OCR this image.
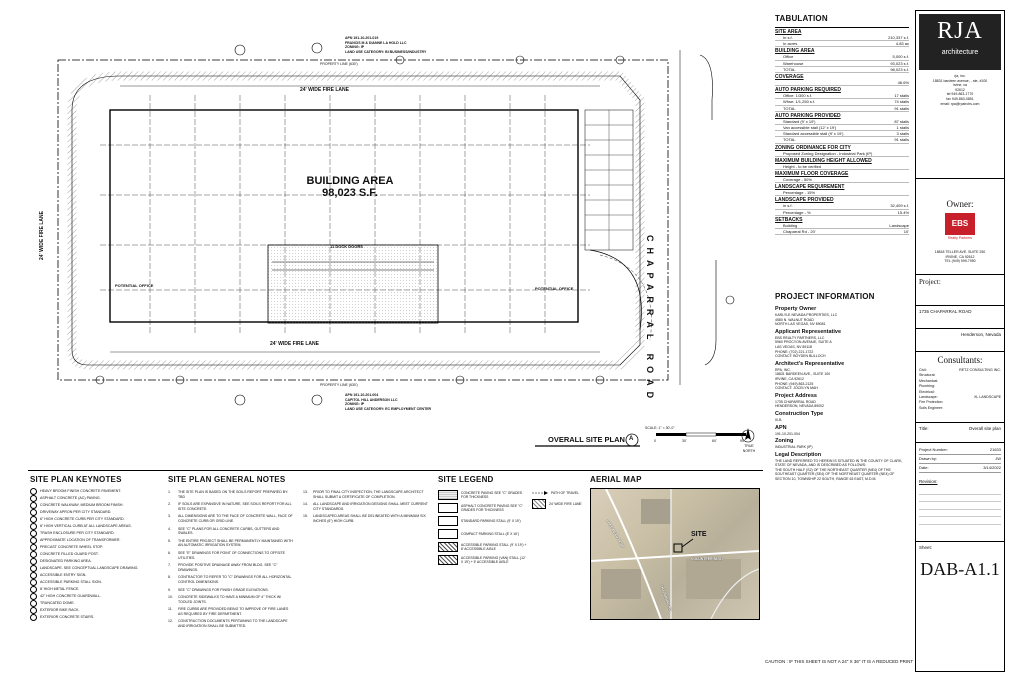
BUILDING AREA
98,023 S.F.
11 DOCK DOORS
24' WIDE FIRE LANE
24' WIDE FIRE LANE
24' WIDE FIRE LANE
POTENTIAL OFFICE
POTENTIAL OFFICE
PROPERTY LINE (630')
PROPERTY LINE (630')	CHAPARRAL ROAD
APN 191-10-201-019
FRANCIS M & DIANNE LA HOLD LLC
ZONING: IP
LAND USE CATEGORY: BI BUSINESS/INDUSTRY
APN 191-10-201-004
CAPITOL HILL ANDERSON LLC
ZONING: IP
LAND USE CATEGORY: EC EMPLOYMENT CENTER
OVERALL SITE PLAN
SCALE: 1" = 30'-0"
A
TRUE NORTH
0	30'	60'	90'
SITE PLAN KEYNOTES
HEAVY BROOM FINISH CONCRETE PAVEMENT.
ASPHALT CONCRETE (AC) PAVING.
CONCRETE WALKWAY, MEDIUM BROOM FINISH.
DRIVEWAY APRON PER CITY STANDARD.
6" HIGH CONCRETE CURB PER CITY STANDARD.
6" HIGH VERTICAL CURB AT ALL LANDSCAPE AREAS.
TRASH ENCLOSURE PER CITY STANDARD.
APPROXIMATE LOCATION OF TRANSFORMER.
PRECAST CONCRETE WHEEL STOP.
CONCRETE FILLED GUARD POST.
DESIGNATED PARKING AREA.
LANDSCAPE. SEE CONCEPTUAL LANDSCAPE DRAWING.
ACCESSIBLE ENTRY SIGN.
ACCESSIBLE PARKING STALL SIGN.
8' HIGH METAL FENCE.
42" HIGH CONCRETE GUARDWALL.
TRUNCATED DOME.
EXTERIOR BIKE RACK.
EXTERIOR CONCRETE STAIRS.
SITE PLAN GENERAL NOTES
1.	THE SITE PLAN IS BASED ON THE SOILS REPORT PREPARED BY: TBD
2.	IF SOILS ARE EXPANSIVE IN NATURE, SEE SOILS REPORT FOR ALL SITE CONCRETE.
3.	ALL DIMENSIONS ARE TO THE FACE OF CONCRETE WALL, FACE OF CONCRETE CURB OR GRID LINE.
4.	SEE "C" PLANS FOR ALL CONCRETE CURBS, GUTTERS AND SWALES.
5.	THE ENTIRE PROJECT SHALL BE PERMANENTLY MAINTAINED WITH AN AUTOMATIC IRRIGATION SYSTEM.
6.	SEE "E" DRAWINGS FOR POINT OF CONNECTIONS TO OFFSITE UTILITIES.
7.	PROVIDE POSITIVE DRAINAGE AWAY FROM BLDG. SEE "C" DRAWINGS.
8.	CONTRACTOR TO REFER TO "C" DRAWINGS FOR ALL HORIZONTAL CONTROL DIMENSIONS.
9.	SEE "C" DRAWINGS FOR FINISH GRADE ELEVATIONS.
10.	CONCRETE SIDEWALKS TO HAVE A MINIMUM OF 4" THICK W/ TOOLED JOINTS.
11.	FIRE CURBS ARE PROVIDED BEING TO IMPROVE OF FIRE LANES AS REQUIRED BY FIRE DEPARTMENT.
12.	CONSTRUCTION DOCUMENTS PERTAINING TO THE LANDSCAPE AND IRRIGATION SHALL BE SUBMITTED.
13.	PRIOR TO FINAL CITY INSPECTION, THE LANDSCAPE ARCHITECT SHALL SUBMIT A CERTIFICATE OF COMPLETION.
14.	ALL LANDSCAPE AND IRRIGATION DESIGNS SHALL MEET CURRENT CITY STANDARDS.
15.	LANDSCAPED AREAS SHALL BE DELINEATED WITH A MINIMUM SIX INCHES (6") HIGH CURB.
SITE LEGEND
CONCRETE PAVING SEE "C" GRADES FOR THICKNESS
ASPHALT CONCRETE PAVING SEE "C" GRADES FOR THICKNESS
STANDARD PARKING STALL (9' X 19')
COMPACT PARKING STALL (8' X 16')
ACCESSIBLE PARKING STALL (9' X 19') + 8' ACCESSIBLE AISLE
ACCESSIBLE PARKING (VAN) STALL (12' X 19') + 5' ACCESSIBLE AISLE
PATH OF TRAVEL
24' WIDE FIRE LANE
AERIAL MAP
SITE
VOLUNTEER BLVD
CHAPARRAL RD
LAKE MEAD PKWY
TABULATION
SITE AREA
In s.f.	210,337 s.f.
In acres	4.83 ac
BUILDING AREA
Office	5,000 s.f.
Warehouse	93,023 s.f.
TOTAL	98,023 s.f.
COVERAGE
46.6%
AUTO PARKING REQUIRED
Office: 1/300 s.f.	17 stalls
Whse: 1/1,250 s.f.	74 stalls
TOTAL	91 stalls
AUTO PARKING PROVIDED
Standard (9' x 19')	87 stalls
Van accessible stall (12' x 19')	1 stalls
Standard accessible stall (9' x 19')	3 stalls
TOTAL	91 stalls
ZONING ORDINANCE FOR CITY
Proposed Zoning Designation - Industrial Park (IP)
MAXIMUM BUILDING HEIGHT ALLOWED
Height - to be verified
MAXIMUM FLOOR COVERAGE
Coverage - 50%
LANDSCAPE REQUIREMENT
Percentage - 15%
LANDSCAPE PROVIDED
in s.f.	32,409 s.f.
Percentage - %	15.4%
SETBACKS
Building	Landscape
Chaparral Rd - 20'	10'
PROJECT INFORMATION
Property Owner
KARLYLE NEVADA PROPERTIES, LLC
4580 N. WALNUT ROAD
NORTH LAS VEGAS, NV 89081
Applicant Representative
EBS REALTY PARTNERS, LLC
5960 PROCYON AVENUE, SUITE A
LAS VEGAS, NV 89118
PHONE: (702) 221-1722
CONTACT: BOYDEN BULLOCH
Architect's Representative
RPA, INC.
18831 BARDEEN AVE., SUITE 100
IRVINE, CA 92612
PHONE: (949) 863-2125
CONTACT: JOCELYN MAH
Project Address
1735 CHAPARRAL ROAD
HENDERSON, NEVADA 89002
Construction Type
III-B
APN
191-10-201-004
Zoning
INDUSTRIAL PARK (IP)
Legal Description
THE LAND REFERRED TO HEREIN IS SITUATED IN THE COUNTY OF CLARK, STATE OF NEVADA, AND IS DESCRIBED AS FOLLOWS:
THE SOUTH HALF (S2) OF THE NORTHEAST QUARTER (NE4) OF THE SOUTHEAST QUARTER (SE4) OF THE NORTHEAST QUARTER (NE4) OF SECTION 10, TOWNSHIP 22 SOUTH, RANGE 63 EAST, M.D.M.
RJA
architecture
rja, inc.
18831 bardeen avenue, - ste, #100
irvine, ca
92612
tel 949-863-1770
fax 949-863-0851
email: rpa@rpairchs.com
Owner:
EBS
Realty Partners
18818 TELLER AVE. SUITE 250
IRVINE, CA 92612
TEL (949) 999-7950
Project:
1735 CHAPARRAL ROAD
Henderson, Nevada
Consultants:
Civil:	RETZ CONSULTING INC.
Structural:
Mechanical:
Plumbing:
Electrical:
Landscape:	XL LANDSCAPE
Fire Protection:
Soils Engineer:
Title:	Overall site plan
Project Number:	21633
Drawn by:	JW
Date:	3/14/2022
Revision:
Sheet:
DAB-A1.1
CAUTION : IF THIS SHEET IS NOT A 24" X 36" IT IS A REDUCED PRINT
